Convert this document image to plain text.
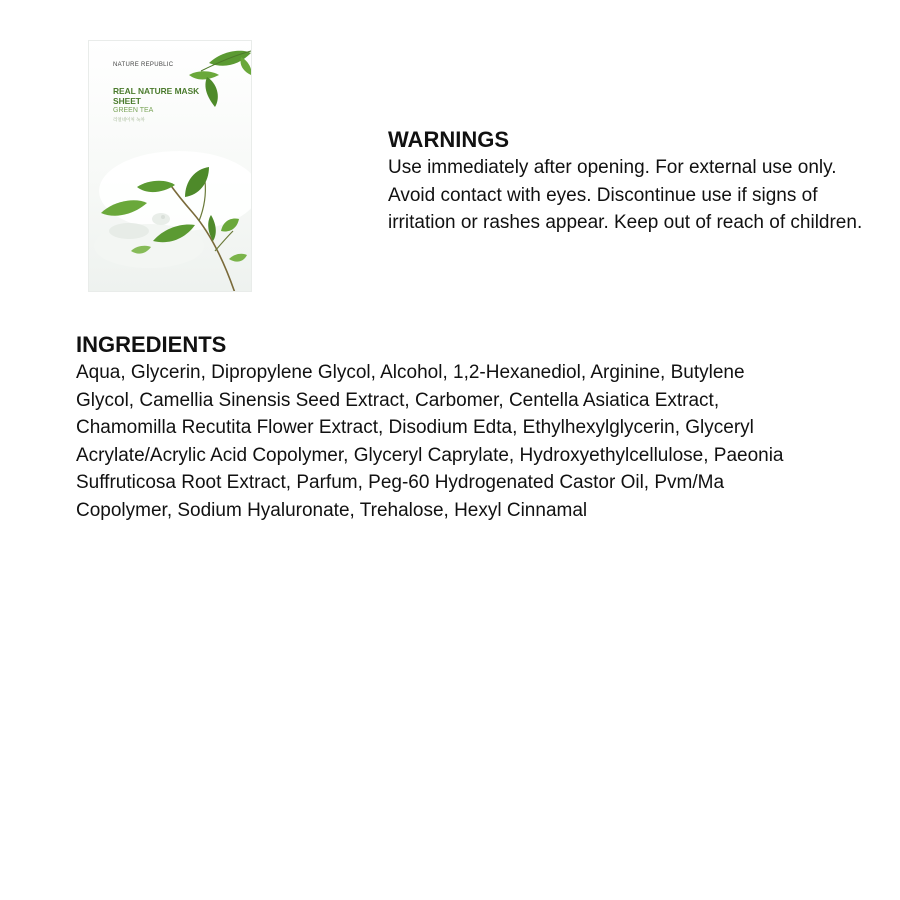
NATURE REPUBLIC
REAL NATURE MASK SHEET
GREEN TEA
리얼네이처 녹차

WARNINGS

Use immediately after opening. For external use only. Avoid contact with eyes. Discontinue use if signs of irritation or rashes appear. Keep out of reach of children.

INGREDIENTS

Aqua, Glycerin, Dipropylene Glycol, Alcohol, 1,2-Hexanediol, Arginine, Butylene Glycol, Camellia Sinensis Seed Extract, Carbomer, Centella Asiatica Extract, Chamomilla Recutita Flower Extract, Disodium Edta, Ethylhexylglycerin, Glyceryl Acrylate/Acrylic Acid Copolymer, Glyceryl Caprylate, Hydroxyethylcellulose, Paeonia Suffruticosa Root Extract, Parfum, Peg-60 Hydrogenated Castor Oil, Pvm/Ma Copolymer, Sodium Hyaluronate, Trehalose, Hexyl Cinnamal
